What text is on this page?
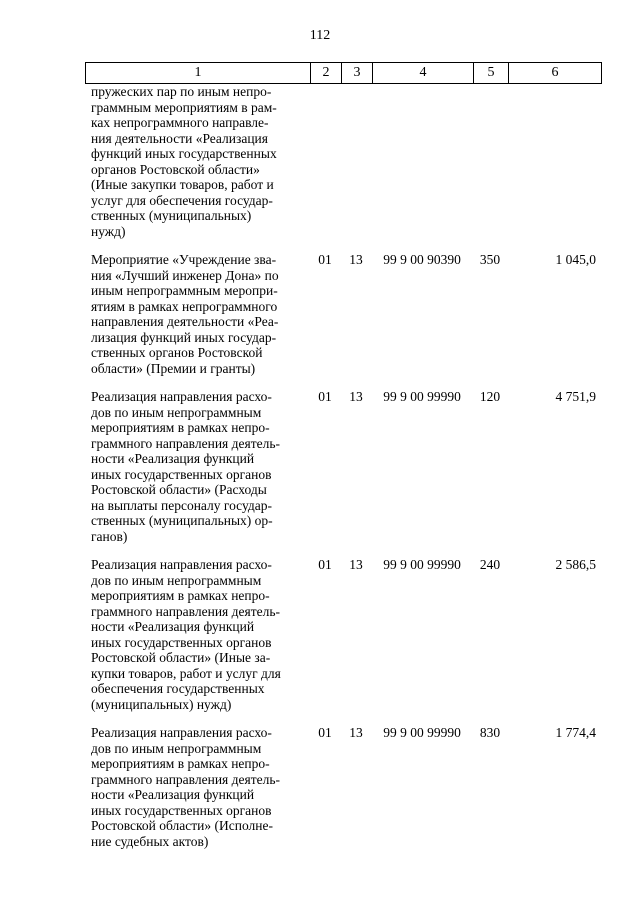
112
1	2	3	4	5	6
пружеских пар по иным непро-
граммным мероприятиям в рам-
ках непрограммного направле-
ния деятельности «Реализация
функций иных государственных
органов Ростовской области»
(Иные закупки товаров, работ и
услуг для обеспечения государ-
ственных (муниципальных)
нужд)
Мероприятие «Учреждение зва-
ния «Лучший инженер Дона» по
иным непрограммным меропри-
ятиям в рамках непрограммного
направления деятельности «Реа-
лизация функций иных государ-
ственных органов Ростовской
области» (Премии и гранты)
01	13	99 9 00 90390	350	1 045,0
Реализация направления расхо-
дов по иным непрограммным
мероприятиям в рамках непро-
граммного направления деятель-
ности «Реализация функций
иных государственных органов
Ростовской области» (Расходы
на выплаты персоналу государ-
ственных (муниципальных) ор-
ганов)
01	13	99 9 00 99990	120	4 751,9
Реализация направления расхо-
дов по иным непрограммным
мероприятиям в рамках непро-
граммного направления деятель-
ности «Реализация функций
иных государственных органов
Ростовской области» (Иные за-
купки товаров, работ и услуг для
обеспечения государственных
(муниципальных) нужд)
01	13	99 9 00 99990	240	2 586,5
Реализация направления расхо-
дов по иным непрограммным
мероприятиям в рамках непро-
граммного направления деятель-
ности «Реализация функций
иных государственных органов
Ростовской области» (Исполне-
ние судебных актов)
01	13	99 9 00 99990	830	1 774,4
